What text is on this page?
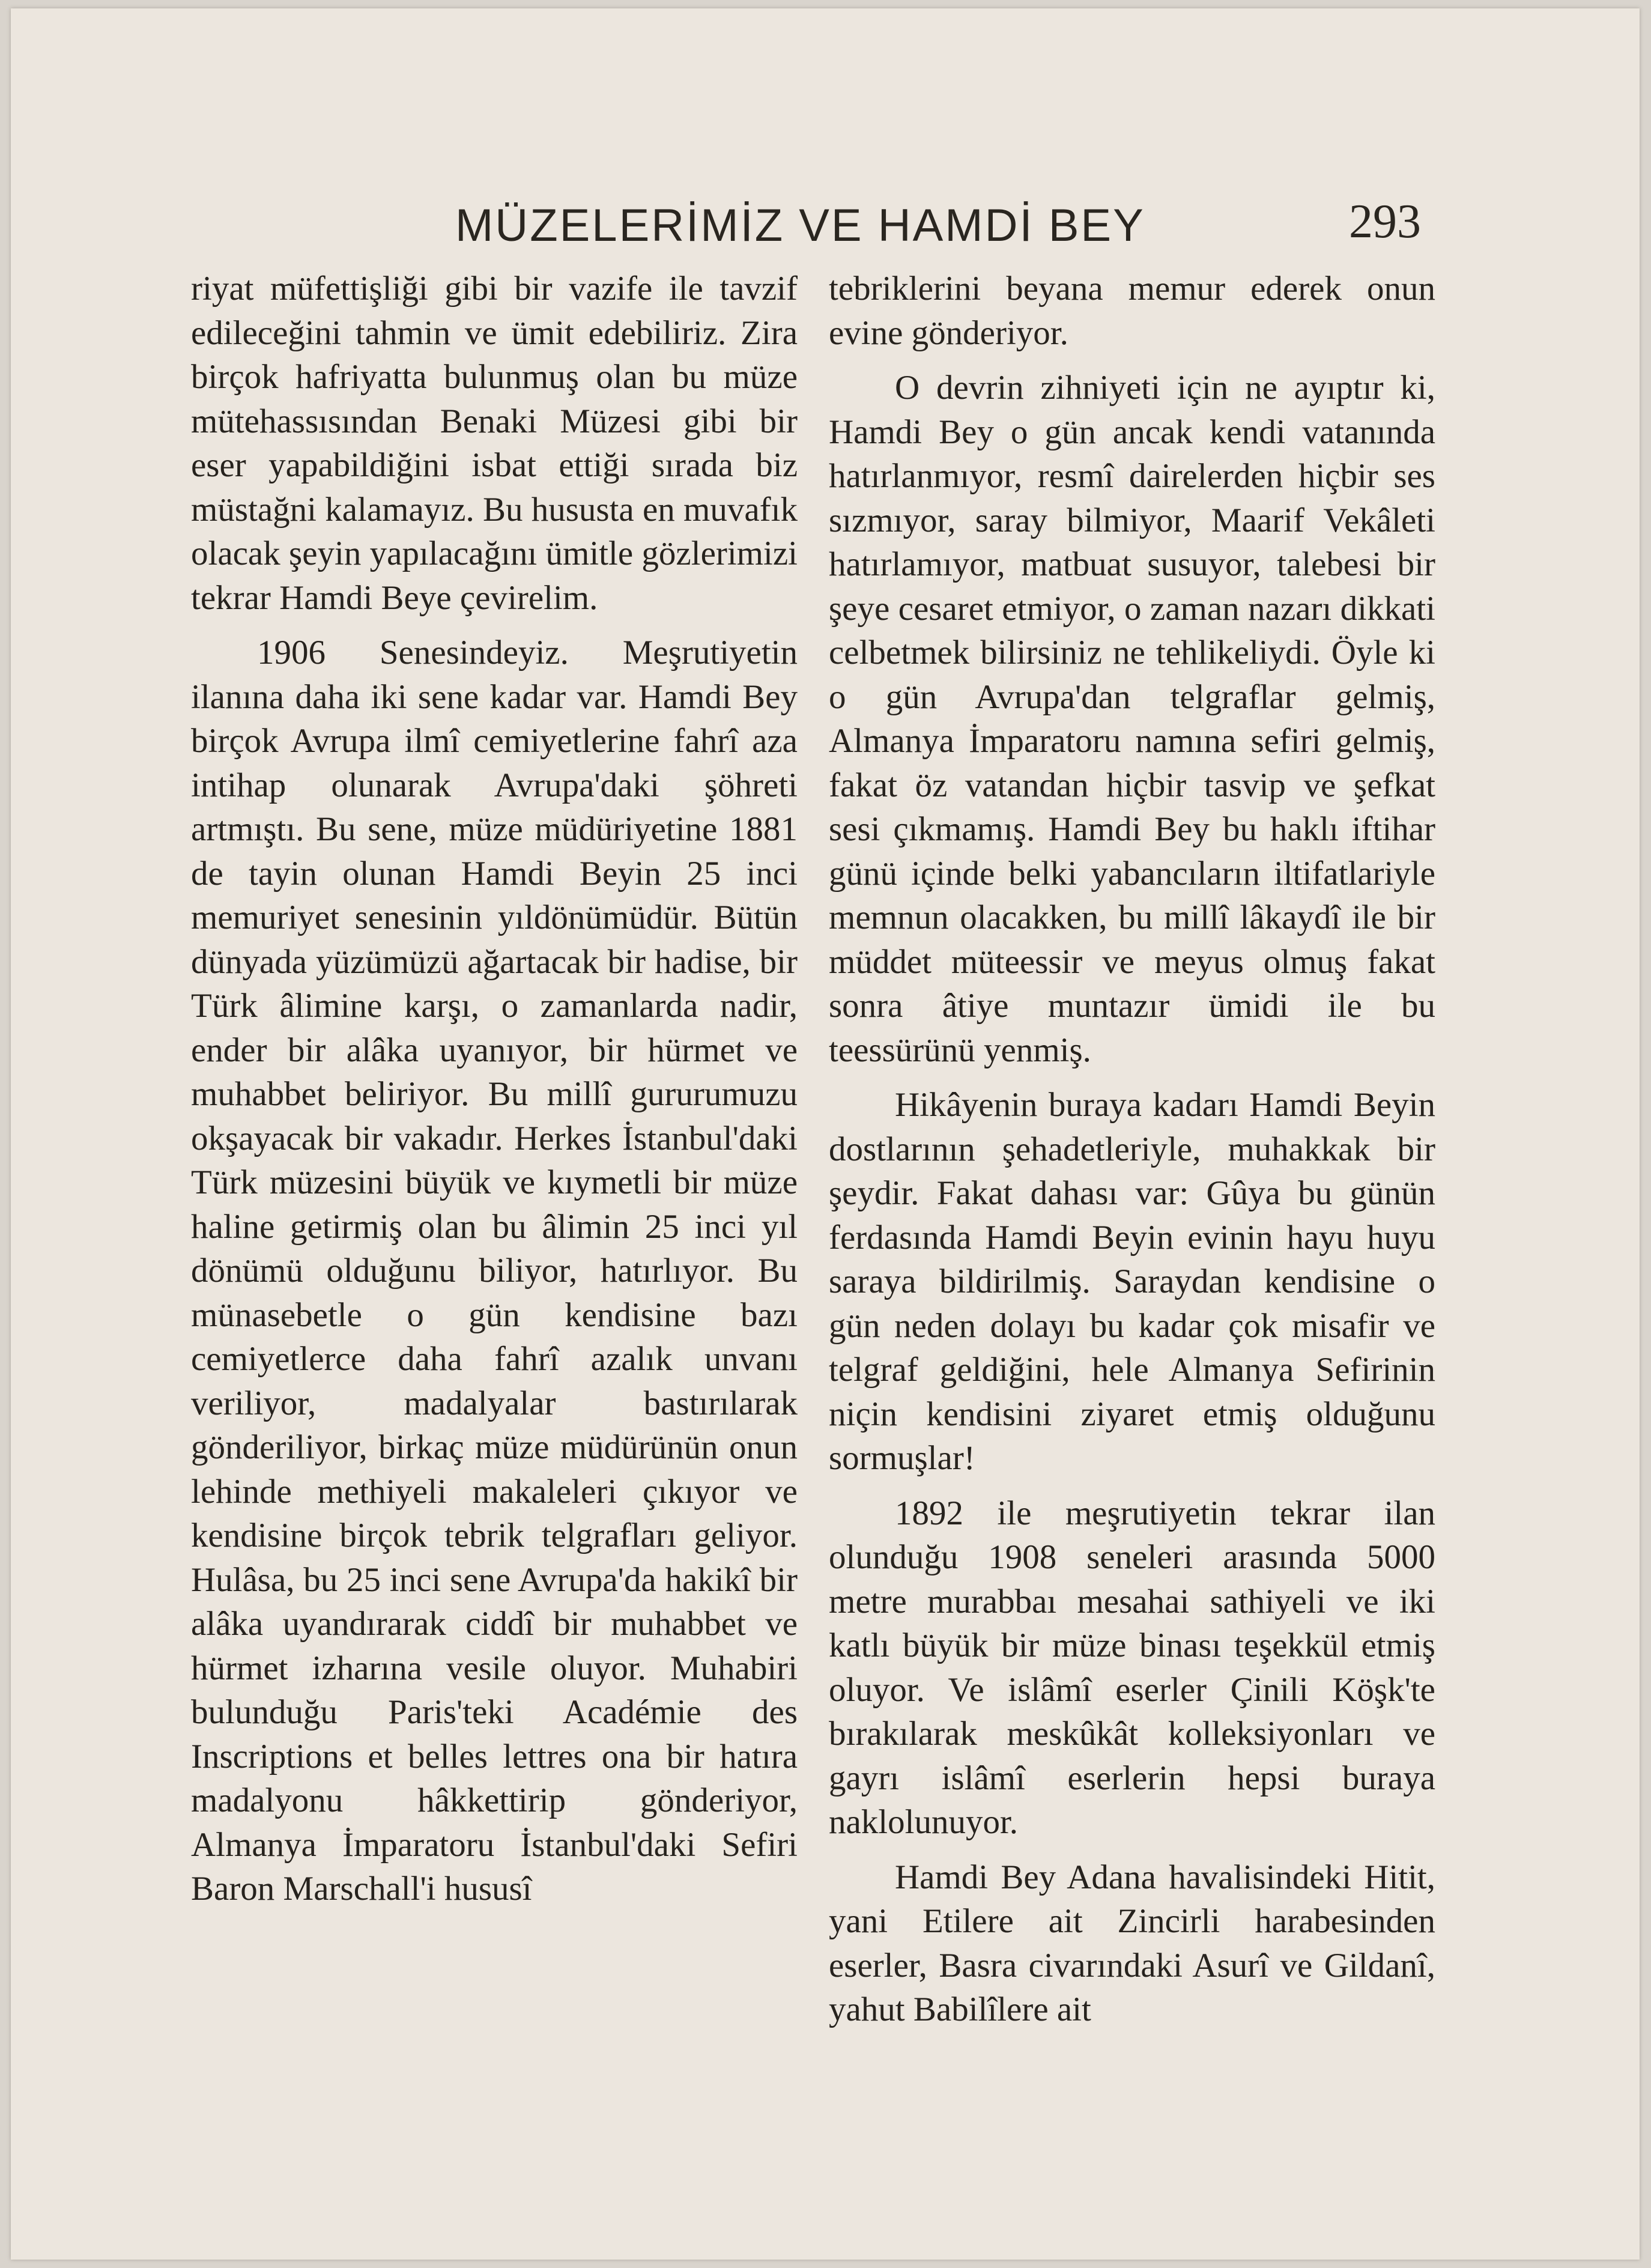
MÜZELERİMİZ VE HAMDİ BEY	293

riyat müfettişliği gibi bir vazife ile tavzif edileceğini tahmin ve ümit edebiliriz. Zira birçok hafriyatta bulunmuş olan bu müze mütehassısından Benaki Müzesi gibi bir eser yapabildiğini isbat ettiği sırada biz müstağni kalamayız. Bu hususta en muvafık olacak şeyin yapılacağını ümitle gözlerimizi tekrar Hamdi Beye çevirelim.

1906 Senesindeyiz. Meşrutiyetin ilanına daha iki sene kadar var. Hamdi Bey birçok Avrupa ilmî cemiyetlerine fahrî aza intihap olunarak Avrupa'daki şöhreti artmıştı. Bu sene, müze müdüriyetine 1881 de tayin olunan Hamdi Beyin 25 inci memuriyet senesinin yıldönümüdür. Bütün dünyada yüzümüzü ağartacak bir hadise, bir Türk âlimine karşı, o zamanlarda nadir, ender bir alâka uyanıyor, bir hürmet ve muhabbet beliriyor. Bu millî gururumuzu okşayacak bir vakadır. Herkes İstanbul'daki Türk müzesini büyük ve kıymetli bir müze haline getirmiş olan bu âlimin 25 inci yıl dönümü olduğunu biliyor, hatırlıyor. Bu münasebetle o gün kendisine bazı cemiyetlerce daha fahrî azalık unvanı veriliyor, madalyalar bastırılarak gönderiliyor, birkaç müze müdürünün onun lehinde methiyeli makaleleri çıkıyor ve kendisine birçok tebrik telgrafları geliyor. Hulâsa, bu 25 inci sene Avrupa'da hakikî bir alâka uyandırarak ciddî bir muhabbet ve hürmet izharına vesile oluyor. Muhabiri bulunduğu Paris'teki Académie des Inscriptions et belles lettres ona bir hatıra madalyonu hâkkettirip gönderiyor, Almanya İmparatoru İstanbul'daki Sefiri Baron Marschall'i hususî

tebriklerini beyana memur ederek onun evine gönderiyor.

O devrin zihniyeti için ne ayıptır ki, Hamdi Bey o gün ancak kendi vatanında hatırlanmıyor, resmî dairelerden hiçbir ses sızmıyor, saray bilmiyor, Maarif Vekâleti hatırlamıyor, matbuat susuyor, talebesi bir şeye cesaret etmiyor, o zaman nazarı dikkati celbetmek bilirsiniz ne tehlikeliydi. Öyle ki o gün Avrupa'dan telgraflar gelmiş, Almanya İmparatoru namına sefiri gelmiş, fakat öz vatandan hiçbir tasvip ve şefkat sesi çıkmamış. Hamdi Bey bu haklı iftihar günü içinde belki yabancıların iltifatlariyle memnun olacakken, bu millî lâkaydî ile bir müddet müteessir ve meyus olmuş fakat sonra âtiye muntazır ümidi ile bu teessürünü yenmiş.

Hikâyenin buraya kadarı Hamdi Beyin dostlarının şehadetleriyle, muhakkak bir şeydir. Fakat dahası var: Gûya bu günün ferdasında Hamdi Beyin evinin hayu huyu saraya bildirilmiş. Saraydan kendisine o gün neden dolayı bu kadar çok misafir ve telgraf geldiğini, hele Almanya Sefirinin niçin kendisini ziyaret etmiş olduğunu sormuşlar!

1892 ile meşrutiyetin tekrar ilan olunduğu 1908 seneleri arasında 5000 metre murabbaı mesahai sathiyeli ve iki katlı büyük bir müze binası teşekkül etmiş oluyor. Ve islâmî eserler Çinili Köşk'te bırakılarak meskûkât kolleksiyonları ve gayrı islâmî eserlerin hepsi buraya naklolunuyor.

Hamdi Bey Adana havalisindeki Hitit, yani Etilere ait Zincirli harabesinden eserler, Basra civarındaki Asurî ve Gildanî, yahut Babilîlere ait
